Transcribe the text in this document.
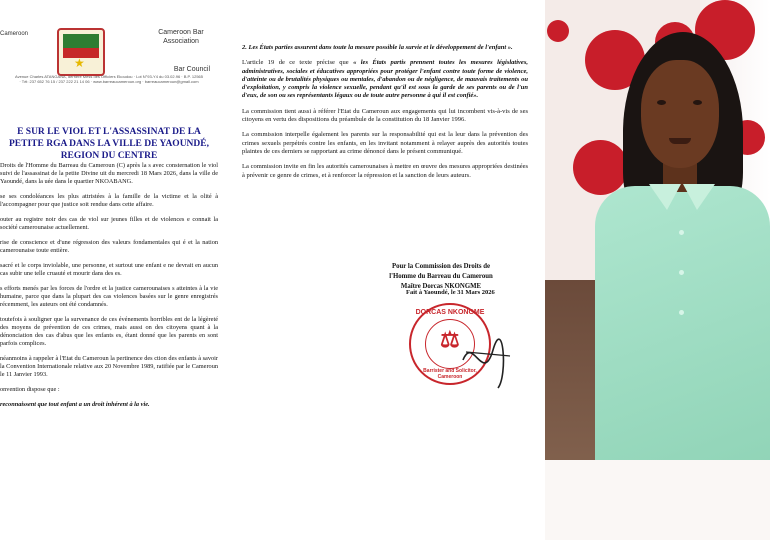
Cameroon
★
Cameroon Bar Association
Bar Council
Avenue Charles ATANGANA, derrière Mess des Officiers Ekoudou · Lot N°93-Y4 du 03.02.96 · B.P. 12565 · Tél: 237 652 76 15 / 237 222 21 14 06 · www.barreaucameroun.org · barreaucameroun@gmail.com
E SUR LE VIOL ET L'ASSASSINAT DE LA PETITE RGA DANS LA VILLE DE YAOUNDÉ, REGION DU CENTRE

Droits de l'Homme du Barreau du Cameroun (C) après la s avec consternation le viol suivi de l'assassinat de la petite Divine uit du mercredi 18 Mars 2026, dans la ville de Yaoundé, dans la uée dans le quartier NKOABANG.

se ses condoléances les plus attristées à la famille de la victime et la olité à l'accompagner pour que justice soit rendue dans cette affaire.

outer au registre noir des cas de viol sur jeunes filles et de violences e connait la société camerounaise actuellement.

rise de conscience et d'une régression des valeurs fondamentales qui é et la nation camerounaise toute entière.

sacré et le corps inviolable, une personne, et surtout une enfant e ne devrait en aucun cas subir une telle cruauté et mourir dans des es.

s efforts menés par les forces de l'ordre et la justice camerounaises s atteintes à la vie humaine, parce que dans la plupart des cas violences basées sur le genre enregistrés récemment, les auteurs ont été condamnés.

toutefois à souligner que la survenance de ces événements horribles ent de la légèreté des moyens de prévention de ces crimes, mais aussi on des citoyens quant à la dénonciation des cas d'abus que les enfants es, étant donné que les parents en sont parfois complices.

néanmoins à rappeler à l'Etat du Cameroun la pertinence des ction des enfants à savoir la Convention Internationale relative aux 20 Novembre 1989, ratifiée par le Cameroun le 11 Janvier 1993.

onvention dispose que :

reconnaissent que tout enfant a un droit inhérent à la vie.

2. Les États parties assurent dans toute la mesure possible la survie et le développement de l'enfant ».

L'article 19 de ce texte précise que « les États partis prennent toutes les mesures législatives, administratives, sociales et éducatives appropriées pour protéger l'enfant contre toute forme de violence, d'atteinte ou de brutalités physiques ou mentales, d'abandon ou de négligence, de mauvais traitements ou d'exploitation, y compris la violence sexuelle, pendant qu'il est sous la garde de ses parents ou de l'un d'eux, de son ou ses représentants légaux ou de toute autre personne à qui il est confié».

La commission tient aussi à référer l'Etat du Cameroun aux engagements qui lui incombent vis-à-vis de ses citoyens en vertu des dispositions du préambule de la constitution du 18 Janvier 1996.

La commission interpelle également les parents sur la responsabilité qui est la leur dans la prévention des crimes sexuels perpétrés contre les enfants, en les invitant notamment à relayer auprès des autorités toutes plaintes de ces derniers se rapportant au crime dénoncé dans le présent communiqué.

La commission invite en fin les autorités camerounaises à mettre en œuvre des mesures appropriées destinées à prévenir ce genre de crimes, et à renforcer la répression et la sanction de leurs auteurs.

Pour la Commission des Droits de
l'Homme du Barreau du Cameroun
Maître Dorcas NKONGME
Fait à Yaoundé, le 31 Mars 2026
DORCAS NKONGME
⚖
Barrister and Solicitor, Cameroon
